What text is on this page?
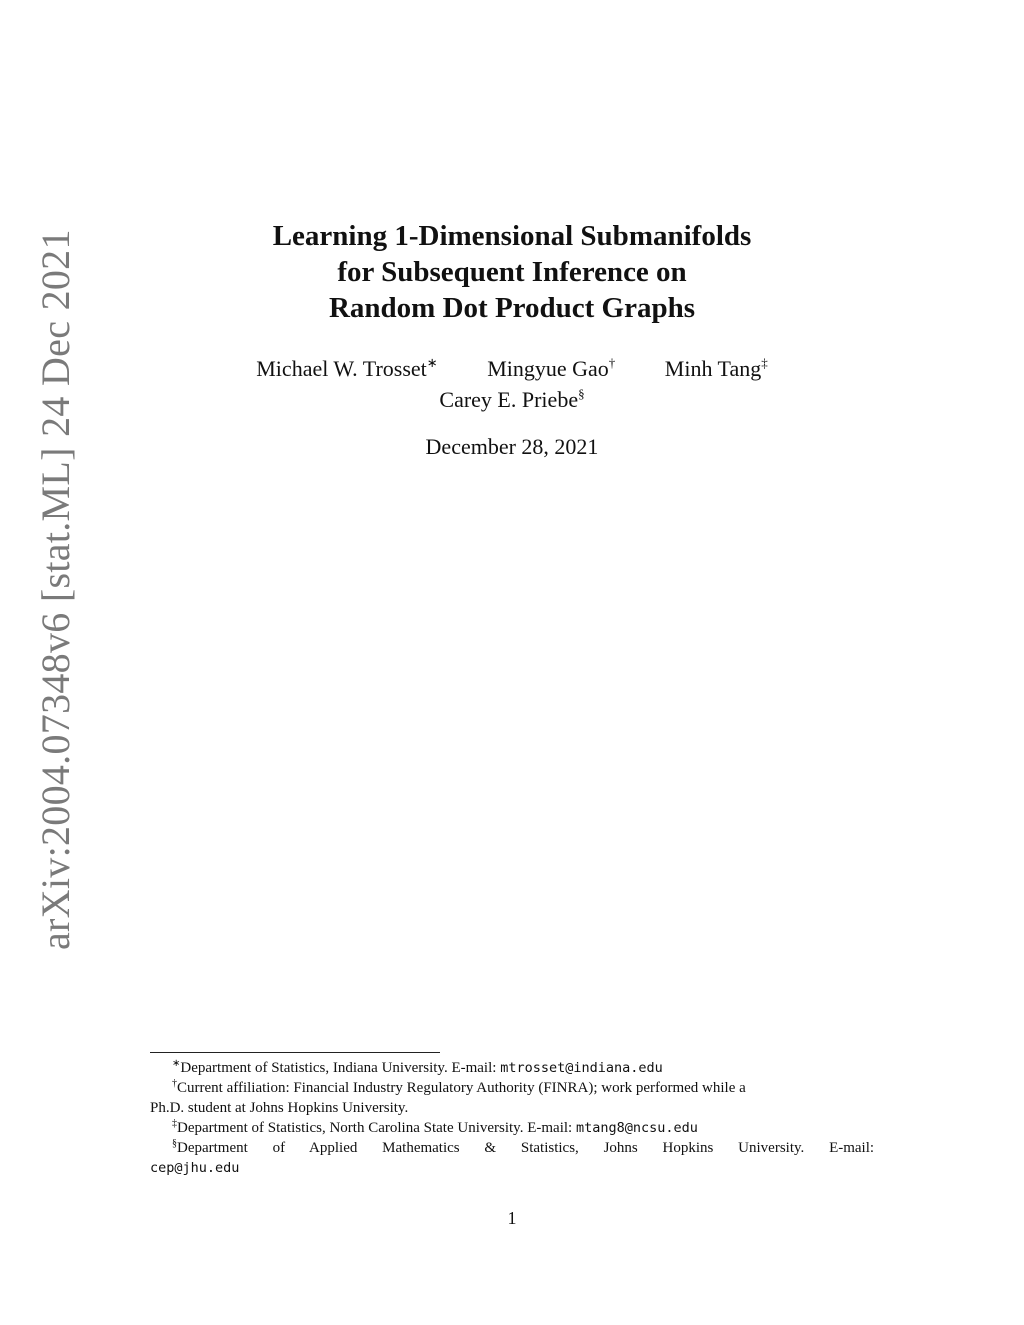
arXiv:2004.07348v6 [stat.ML] 24 Dec 2021	Learning 1-Dimensional Submanifolds
for Subsequent Inference on
Random Dot Product Graphs
Michael W. Trosset∗ Mingyue Gao† Minh Tang‡
Carey E. Priebe§
December 28, 2021

∗Department of Statistics, Indiana University. E-mail: mtrosset@indiana.edu

†Current affiliation: Financial Industry Regulatory Authority (FINRA); work performed while a

Ph.D. student at Johns Hopkins University.

‡Department of Statistics, North Carolina State University. E-mail: mtang8@ncsu.edu

§Department of Applied Mathematics & Statistics, Johns Hopkins University. E-mail:

cep@jhu.edu

1
